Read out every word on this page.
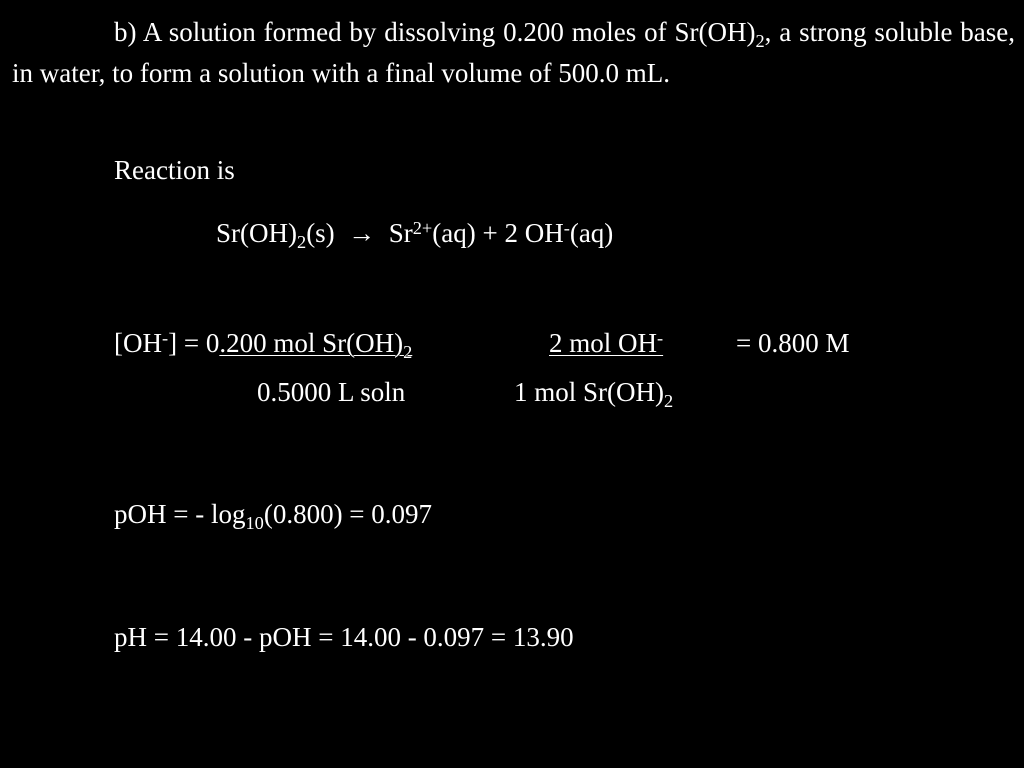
b) A solution formed by dissolving 0.200 moles of $Sr(OH)_2$, a strong soluble base, in water, to form a solution with a final volume of 500.0 mL.
Reaction is
$Sr(OH)_2(s) \to Sr^{2+}(aq) + 2$ OH-(aq)
[OH-] = 0.200 mol $Sr(OH)_2$	2 mol OH-	= 0.800 M
0.5000 L soln	1 mol $Sr(OH)_2$
pOH = - $\log_{10}(0.800) = 0.097$
pH = 14.00 - pOH = 14.00 - 0.097 = 13.90
